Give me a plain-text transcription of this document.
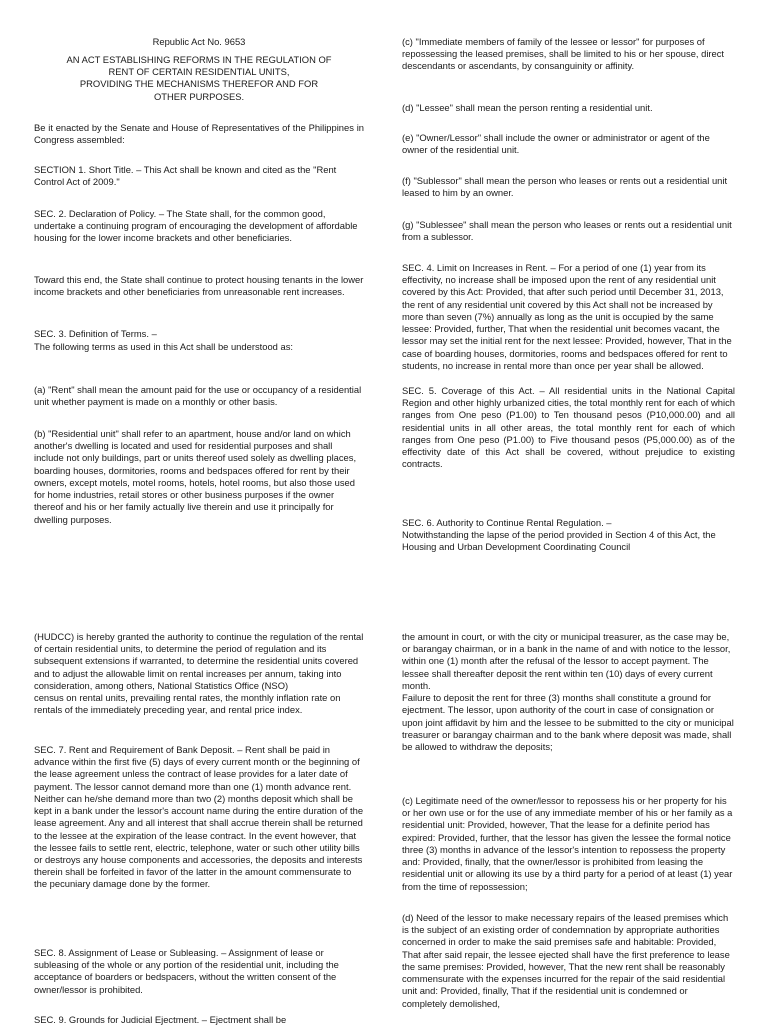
Republic Act No. 9653

AN ACT ESTABLISHING REFORMS IN THE REGULATION OF
RENT OF CERTAIN RESIDENTIAL UNITS,
PROVIDING THE MECHANISMS THEREFOR AND FOR
OTHER PURPOSES.

Be it enacted by the Senate and House of Representatives of the Philippines in Congress assembled:

SECTION 1. Short Title. – This Act shall be known and cited as the "Rent Control Act of 2009."

SEC. 2. Declaration of Policy. – The State shall, for the common good, undertake a continuing program of encouraging the development of affordable housing for the lower income brackets and other beneficiaries.

Toward this end, the State shall continue to protect housing tenants in the lower income brackets and other beneficiaries from unreasonable rent increases.

SEC. 3. Definition of Terms. –

The following terms as used in this Act shall be understood as:

(a) "Rent" shall mean the amount paid for the use or occupancy of a residential unit whether payment is made on a monthly or other basis.

(b) "Residential unit" shall refer to an apartment, house and/or land on which another's dwelling is located and used for residential purposes and shall include not only buildings, part or units thereof used solely as dwelling places, boarding houses, dormitories, rooms and bedspaces offered for rent by their owners, except motels, motel rooms, hotels, hotel rooms, but also those used for home industries, retail stores or other business purposes if the owner thereof and his or her family actually live therein and use it principally for dwelling purposes.

(c) "Immediate members of family of the lessee or lessor" for purposes of repossessing the leased premises, shall be limited to his or her spouse, direct descendants or ascendants, by consanguinity or affinity.

(d) "Lessee" shall mean the person renting a residential unit.

(e) "Owner/Lessor" shall include the owner or administrator or agent of the owner of the residential unit.

(f) "Sublessor" shall mean the person who leases or rents out a residential unit leased to him by an owner.

(g) "Sublessee" shall mean the person who leases or rents out a residential unit from a sublessor.

SEC. 4. Limit on Increases in Rent. – For a period of one (1) year from its effectivity, no increase shall be imposed upon the rent of any residential unit covered by this Act: Provided, that after such period until December 31, 2013, the rent of any residential unit covered by this Act shall not be increased by more than seven (7%) annually as long as the unit is occupied by the same lessee: Provided, further, That when the residential unit becomes vacant, the lessor may set the initial rent for the next lessee: Provided, however, That in the case of boarding houses, dormitories, rooms and bedspaces offered for rent to students, no increase in rental more than once per year shall be allowed.

SEC. 5. Coverage of this Act. – All residential units in the National Capital Region and other highly urbanized cities, the total monthly rent for each of which ranges from One peso (P1.00) to Ten thousand pesos (P10,000.00) and all residential units in all other areas, the total monthly rent for each of which ranges from One peso (P1.00) to Five thousand pesos (P5,000.00) as of the effectivity date of this Act shall be covered, without prejudice to existing contracts.

SEC. 6. Authority to Continue Rental Regulation. –
Notwithstanding the lapse of the period provided in Section 4 of this Act, the Housing and Urban Development Coordinating Council

(HUDCC) is hereby granted the authority to continue the regulation of the rental of certain residential units, to determine the period of regulation and its subsequent extensions if warranted, to determine the residential units covered and to adjust the allowable limit on rental increases per annum, taking into consideration, among others, National Statistics Office (NSO)
census on rental units, prevailing rental rates, the monthly inflation rate on rentals of the immediately preceding year, and rental price index.

SEC. 7. Rent and Requirement of Bank Deposit. – Rent shall be paid in advance within the first five (5) days of every current month or the beginning of the lease agreement unless the contract of lease provides for a later date of payment. The lessor cannot demand more than one (1) month advance rent. Neither can he/she demand more than two (2) months deposit which shall be kept in a bank under the lessor's account name during the entire duration of the lease agreement. Any and all interest that shall accrue therein shall be returned to the lessee at the expiration of the lease contract. In the event however, that the lessee fails to settle rent, electric, telephone, water or such other utility bills or destroys any house components and accessories, the deposits and interests therein shall be forfeited in favor of the latter in the amount commensurate to the pecuniary damage done by the former.

SEC. 8. Assignment of Lease or Subleasing. – Assignment of lease or subleasing of the whole or any portion of the residential unit, including the acceptance of boarders or bedspacers, without the written consent of the owner/lessor is prohibited.

SEC. 9. Grounds for Judicial Ejectment. – Ejectment shall be

the amount in court, or with the city or municipal treasurer, as the case may be, or barangay chairman, or in a bank in the name of and with notice to the lessor, within one (1) month after the refusal of the lessor to accept payment. The lessee shall thereafter deposit the rent within ten (10) days of every current month.
Failure to deposit the rent for three (3) months shall constitute a ground for ejectment. The lessor, upon authority of the court in case of consignation or upon joint affidavit by him and the lessee to be submitted to the city or municipal treasurer or barangay chairman and to the bank where deposit was made, shall be allowed to withdraw the deposits;

(c) Legitimate need of the owner/lessor to repossess his or her property for his or her own use or for the use of any immediate member of his or her family as a residential unit: Provided, however, That the lease for a definite period has expired: Provided, further, that the lessor has given the lessee the formal notice three (3) months in advance of the lessor's intention to repossess the property and: Provided, finally, that the owner/lessor is prohibited from leasing the residential unit or allowing its use by a third party for a period of at least (1) year from the time of repossession;

(d) Need of the lessor to make necessary repairs of the leased premises which is the subject of an existing order of condemnation by appropriate authorities concerned in order to make the said premises safe and habitable: Provided, That after said repair, the lessee ejected shall have the first preference to lease the same premises: Provided, however, That the new rent shall be reasonably commensurate with the expenses incurred for the repair of the said residential unit and: Provided, finally, That if the residential unit is condemned or completely demolished,
